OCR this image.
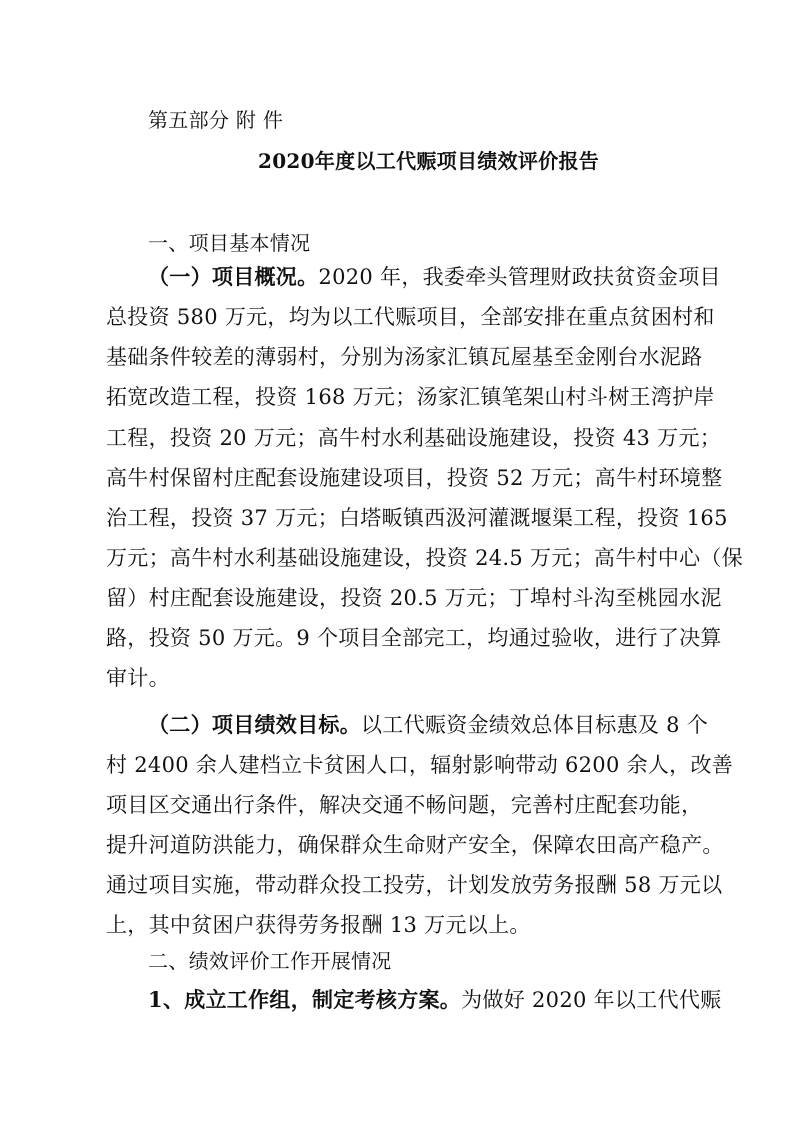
第五部分 附 件
2020年度以工代赈项目绩效评价报告
一、项目基本情况
（一）项目概况。2020 年，我委牵头管理财政扶贫资金项目
总投资 580 万元，均为以工代赈项目，全部安排在重点贫困村和
基础条件较差的薄弱村，分别为汤家汇镇瓦屋基至金刚台水泥路
拓宽改造工程，投资 168 万元；汤家汇镇笔架山村斗树王湾护岸
工程，投资 20 万元；高牛村水利基础设施建设，投资 43 万元；
高牛村保留村庄配套设施建设项目，投资 52 万元；高牛村环境整
治工程，投资 37 万元；白塔畈镇西汲河灌溉堰渠工程，投资 165
万元；高牛村水利基础设施建设，投资 24.5 万元；高牛村中心（保
留）村庄配套设施建设，投资 20.5 万元；丁埠村斗沟至桃园水泥
路，投资 50 万元。9 个项目全部完工，均通过验收，进行了决算
审计。
（二）项目绩效目标。以工代赈资金绩效总体目标惠及 8 个
村 2400 余人建档立卡贫困人口，辐射影响带动 6200 余人，改善
项目区交通出行条件，解决交通不畅问题，完善村庄配套功能，
提升河道防洪能力，确保群众生命财产安全，保障农田高产稳产。
通过项目实施，带动群众投工投劳，计划发放劳务报酬 58 万元以
上，其中贫困户获得劳务报酬 13 万元以上。
二、绩效评价工作开展情况
1、成立工作组，制定考核方案。为做好 2020 年以工代代赈
